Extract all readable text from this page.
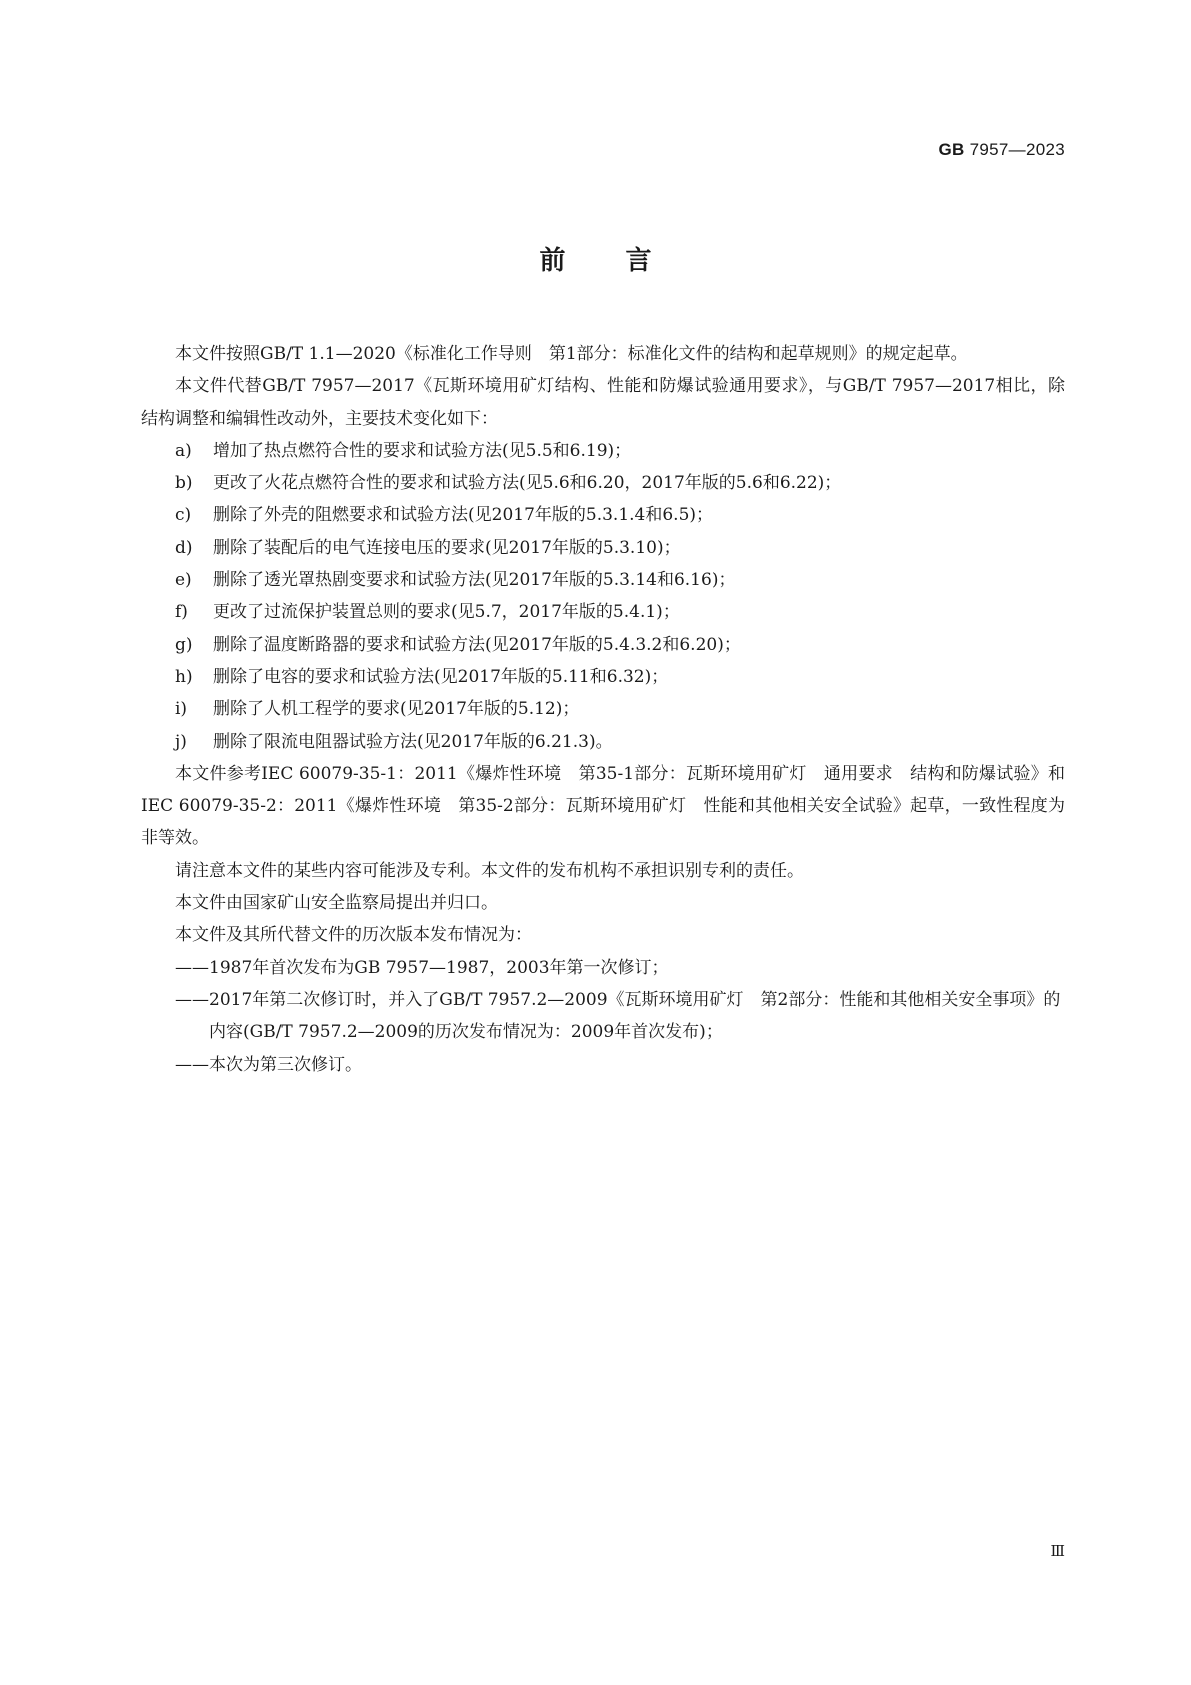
GB 7957—2023
前言

本文件按照GB/T 1.1—2020《标准化工作导则　第1部分：标准化文件的结构和起草规则》的规定起草。

本文件代替GB/T 7957—2017《瓦斯环境用矿灯结构、性能和防爆试验通用要求》，与GB/T 7957—2017相比，除结构调整和编辑性改动外，主要技术变化如下：

a)	增加了热点燃符合性的要求和试验方法(见5.5和6.19)；
b)	更改了火花点燃符合性的要求和试验方法(见5.6和6.20，2017年版的5.6和6.22)；
c)	删除了外壳的阻燃要求和试验方法(见2017年版的5.3.1.4和6.5)；
d)	删除了装配后的电气连接电压的要求(见2017年版的5.3.10)；
e)	删除了透光罩热剧变要求和试验方法(见2017年版的5.3.14和6.16)；
f)	更改了过流保护装置总则的要求(见5.7，2017年版的5.4.1)；
g)	删除了温度断路器的要求和试验方法(见2017年版的5.4.3.2和6.20)；
h)	删除了电容的要求和试验方法(见2017年版的5.11和6.32)；
i)	删除了人机工程学的要求(见2017年版的5.12)；
j)	删除了限流电阻器试验方法(见2017年版的6.21.3)。

本文件参考IEC 60079-35-1：2011《爆炸性环境　第35-1部分：瓦斯环境用矿灯　通用要求　结构和防爆试验》和IEC 60079-35-2：2011《爆炸性环境　第35-2部分：瓦斯环境用矿灯　性能和其他相关安全试验》起草，一致性程度为非等效。

请注意本文件的某些内容可能涉及专利。本文件的发布机构不承担识别专利的责任。

本文件由国家矿山安全监察局提出并归口。

本文件及其所代替文件的历次版本发布情况为：

—— 1987年首次发布为GB 7957—1987，2003年第一次修订；
—— 2017年第二次修订时，并入了GB/T 7957.2—2009《瓦斯环境用矿灯　第2部分：性能和其他相关安全事项》的内容(GB/T 7957.2—2009的历次发布情况为：2009年首次发布)；
—— 本次为第三次修订。
Ⅲ
